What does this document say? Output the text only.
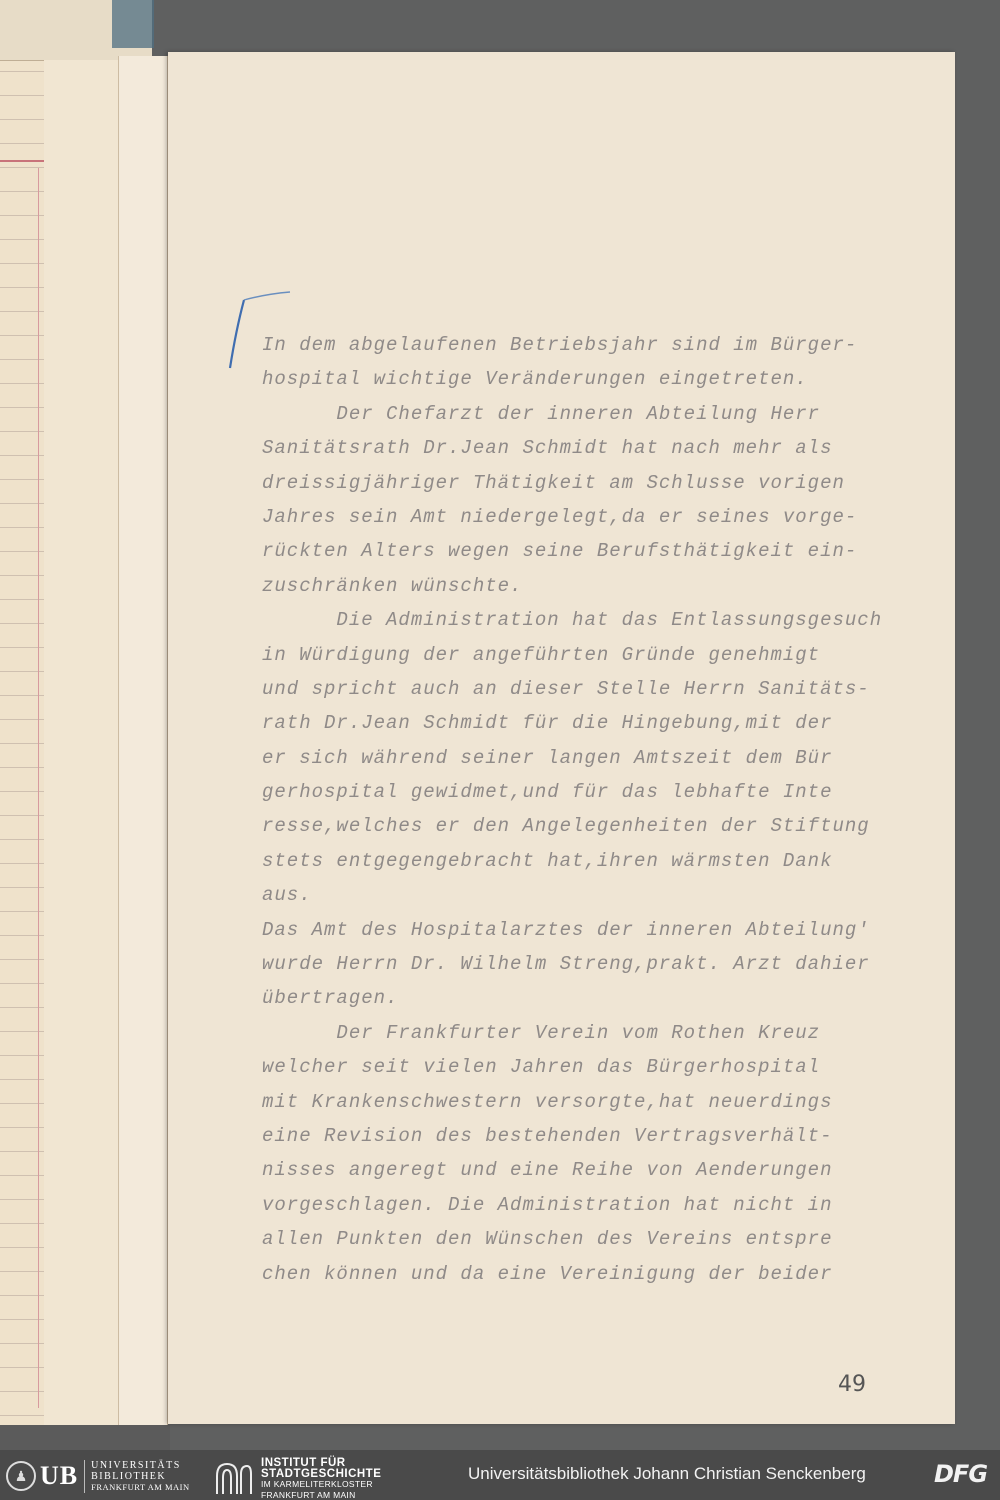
In dem abgelaufenen Betriebsjahr sind im Bürger-
hospital wichtige Veränderungen eingetreten.
Der Chefarzt der inneren Abteilung Herr
Sanitätsrath Dr.Jean Schmidt hat nach mehr als
dreissigjähriger Thätigkeit am Schlusse vorigen
Jahres sein Amt niedergelegt,da er seines vorge-
rückten Alters wegen seine Berufsthätigkeit ein-
zuschränken wünschte.
Die Administration hat das Entlassungsgesuch
in Würdigung der angeführten Gründe genehmigt
und spricht auch an dieser Stelle Herrn Sanitäts-
rath Dr.Jean Schmidt für die Hingebung,mit der
er sich während seiner langen Amtszeit dem Bür
gerhospital gewidmet,und für das lebhafte Inte
resse,welches er den Angelegenheiten der Stiftung
stets entgegengebracht hat,ihren wärmsten Dank
aus.
Das Amt des Hospitalarztes der inneren Abteilung'
wurde Herrn Dr. Wilhelm Streng,prakt. Arzt dahier
übertragen.
Der Frankfurter Verein vom Rothen Kreuz
welcher seit vielen Jahren das Bürgerhospital
mit Krankenschwestern versorgte,hat neuerdings
eine Revision des bestehenden Vertragsverhält-
nisses angeregt und eine Reihe von Aenderungen
vorgeschlagen. Die Administration hat nicht in
allen Punkten den Wünschen des Vereins entspre
chen können und da eine Vereinigung der beider
49
♟ UB UNIVERSITÄTS
BIBLIOTHEK
FRANKFURT AM MAIN
INSTITUT FÜR
STADTGESCHICHTE
IM KARMELITERKLOSTER
FRANKFURT AM MAIN
Universitätsbibliothek Johann Christian Senckenberg	DFG
